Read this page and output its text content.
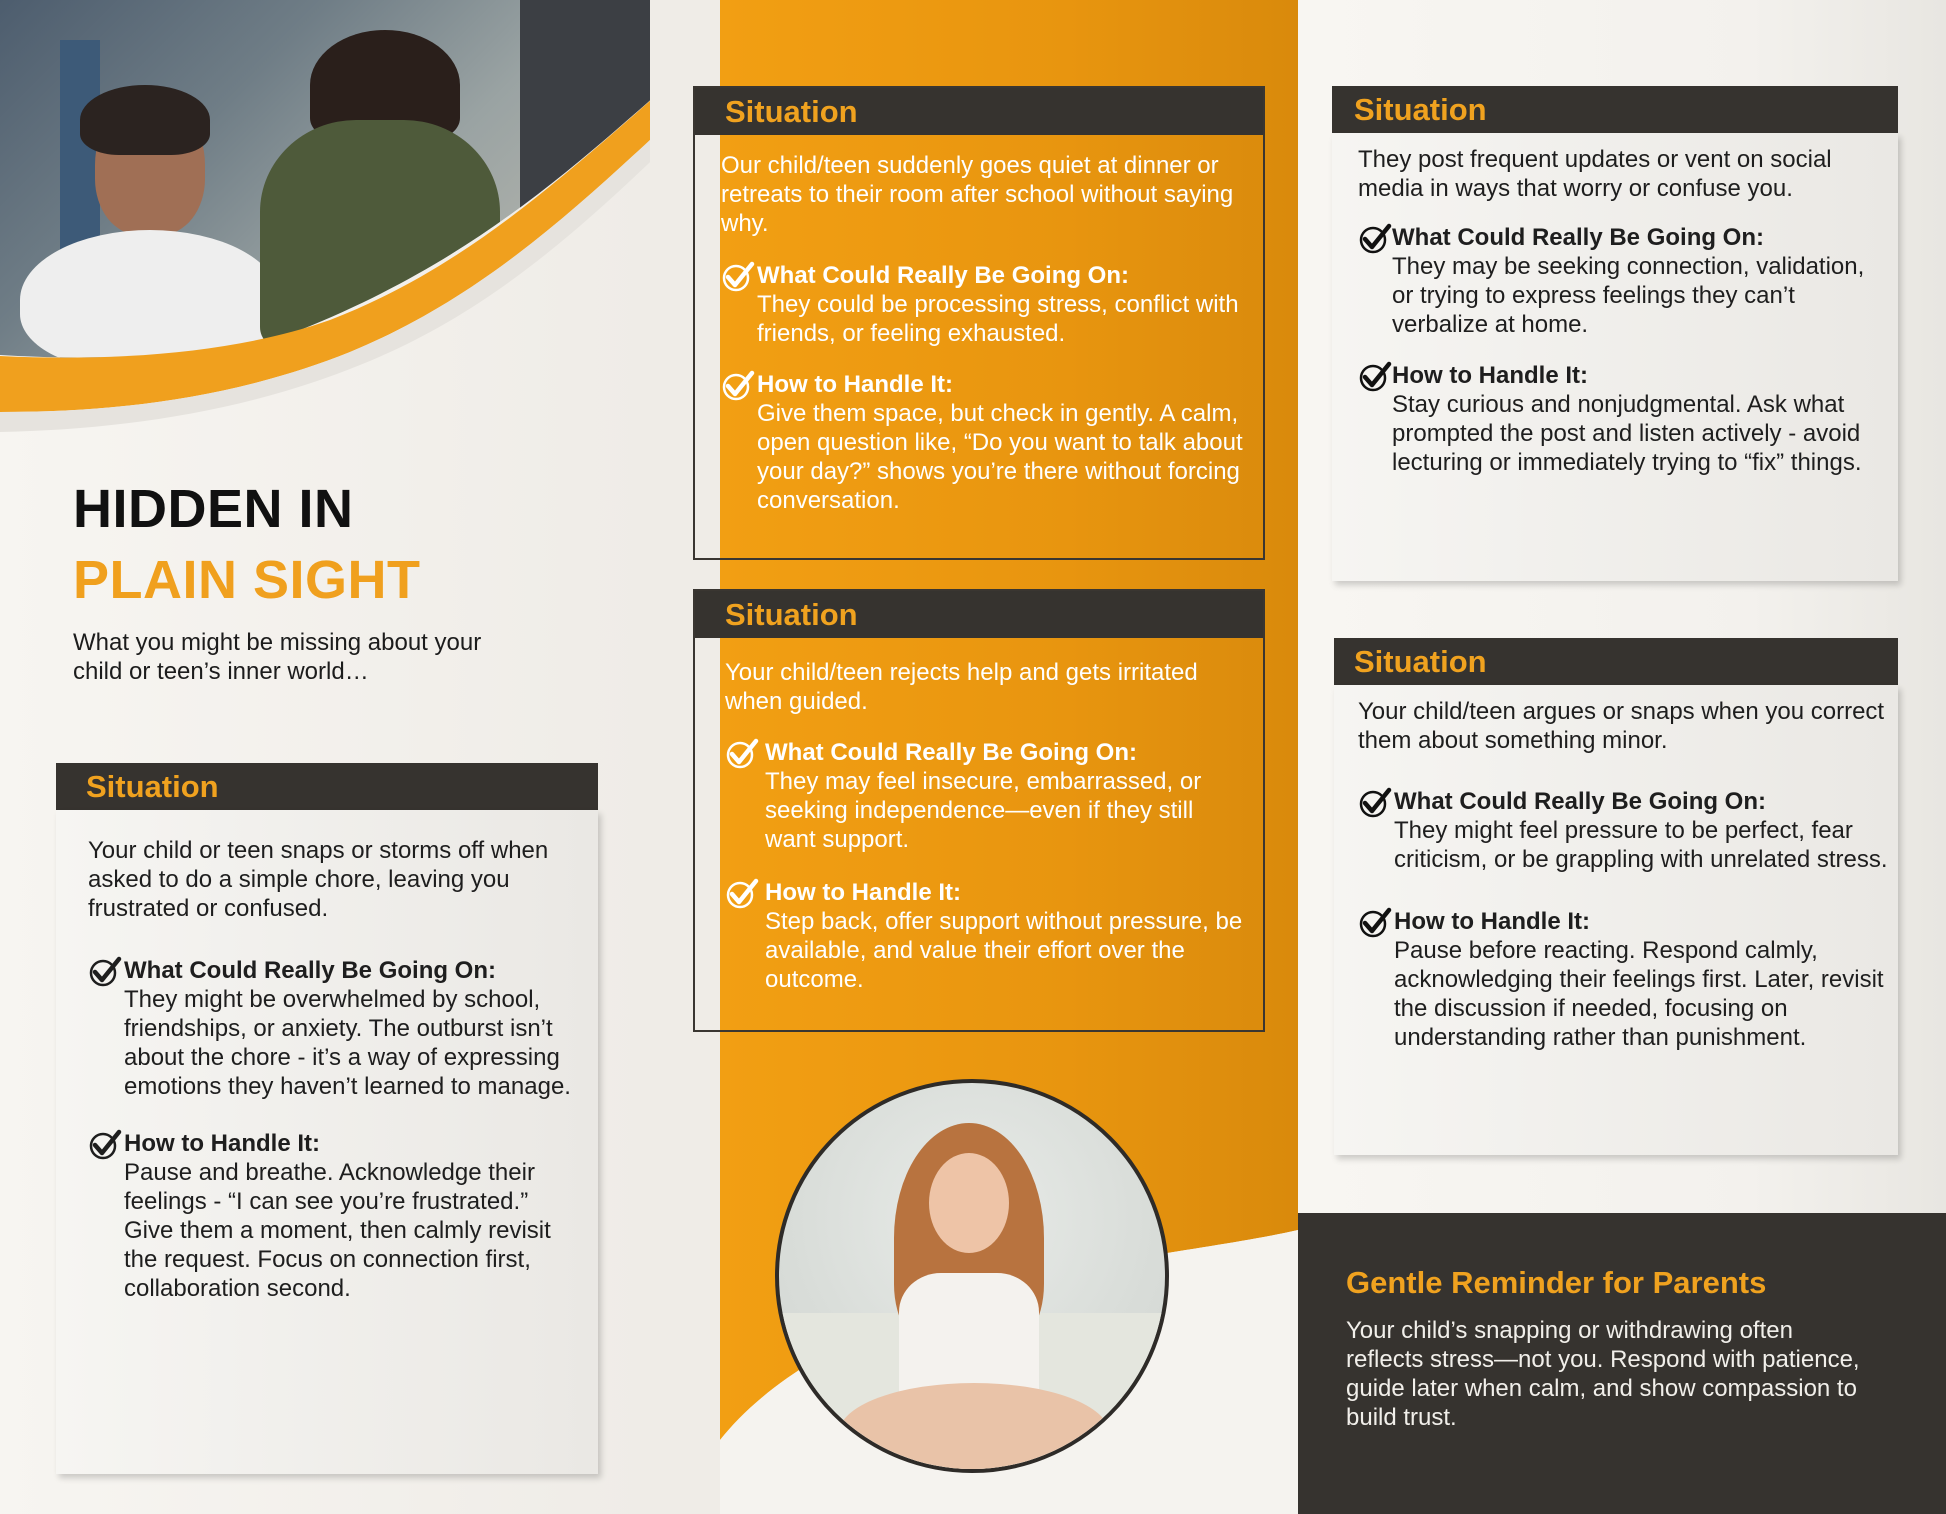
HIDDEN IN
PLAIN SIGHT
What you might be missing about your child or teen’s inner world…
Situation
Your child or teen snaps or storms off when asked to do a simple chore, leaving you frustrated or confused.
What Could Really Be Going On:
They might be overwhelmed by school, friendships, or anxiety. The outburst isn’t about the chore - it’s a way of expressing emotions they haven’t learned to manage.
How to Handle It:
Pause and breathe. Acknowledge their feelings - “I can see you’re frustrated.” Give them a moment, then calmly revisit the request. Focus on connection first, collaboration second.
Situation
Our child/teen suddenly goes quiet at dinner or retreats to their room after school without saying why.
What Could Really Be Going On:
They could be processing stress, conflict with friends, or feeling exhausted.
How to Handle It:
Give them space, but check in gently. A calm, open question like, “Do you want to talk about your day?” shows you’re there without forcing conversation.
Situation
Your child/teen rejects help and gets irritated when guided.
What Could Really Be Going On:
They may feel insecure, embarrassed, or seeking independence—even if they still want support.
How to Handle It:
Step back, offer support without pressure, be available, and value their effort over the outcome.
Situation
They post frequent updates or vent on social media in ways that worry or confuse you.
What Could Really Be Going On:
They may be seeking connection, validation, or trying to express feelings they can’t verbalize at home.
How to Handle It:
Stay curious and nonjudgmental. Ask what prompted the post and listen actively - avoid lecturing or immediately trying to “fix” things.
Situation
Your child/teen argues or snaps when you correct them about something minor.
What Could Really Be Going On:
They might feel pressure to be perfect, fear criticism, or be grappling with unrelated stress.
How to Handle It:
Pause before reacting. Respond calmly, acknowledging their feelings first. Later, revisit the discussion if needed, focusing on understanding rather than punishment.
Gentle Reminder for Parents
Your child’s snapping or withdrawing often reflects stress—not you. Respond with patience, guide later when calm, and show compassion to build trust.
